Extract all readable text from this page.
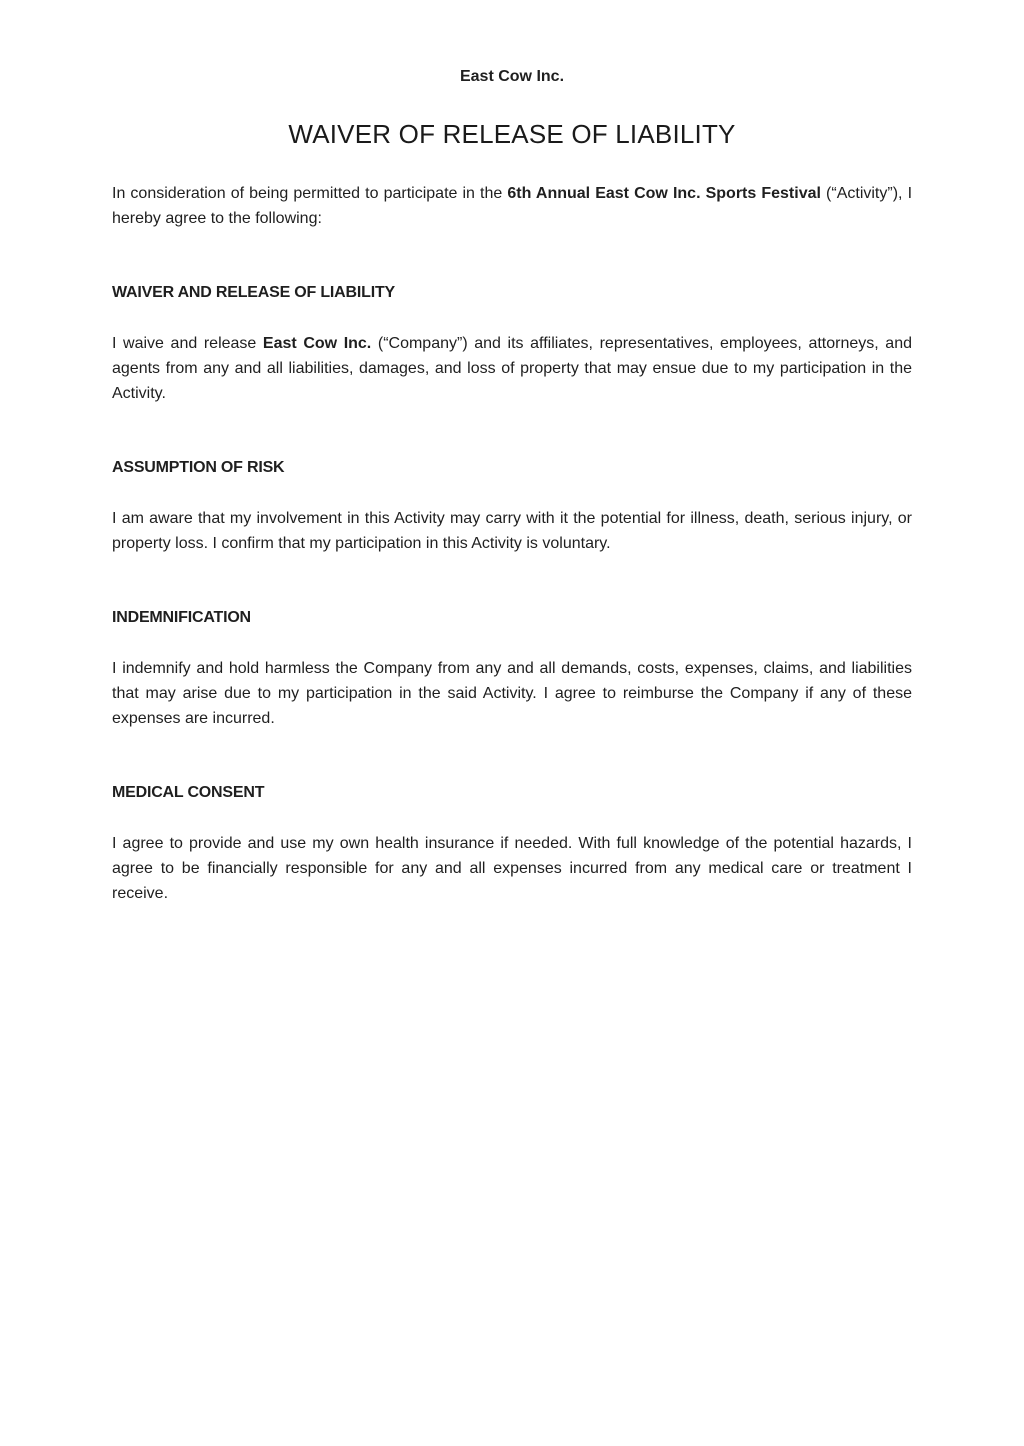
East Cow Inc.
WAIVER OF RELEASE OF LIABILITY

In consideration of being permitted to participate in the 6th Annual East Cow Inc. Sports Festival (“Activity”), I hereby agree to the following:

WAIVER AND RELEASE OF LIABILITY

I waive and release East Cow Inc. (“Company”) and its affiliates, representatives, employees, attorneys, and agents from any and all liabilities, damages, and loss of property that may ensue due to my participation in the Activity.

ASSUMPTION OF RISK

I am aware that my involvement in this Activity may carry with it the potential for illness, death, serious injury, or property loss. I confirm that my participation in this Activity is voluntary.

INDEMNIFICATION

I indemnify and hold harmless the Company from any and all demands, costs, expenses, claims, and liabilities that may arise due to my participation in the said Activity. I agree to reimburse the Company if any of these expenses are incurred.

MEDICAL CONSENT

I agree to provide and use my own health insurance if needed. With full knowledge of the potential hazards, I agree to be financially responsible for any and all expenses incurred from any medical care or treatment I receive.
